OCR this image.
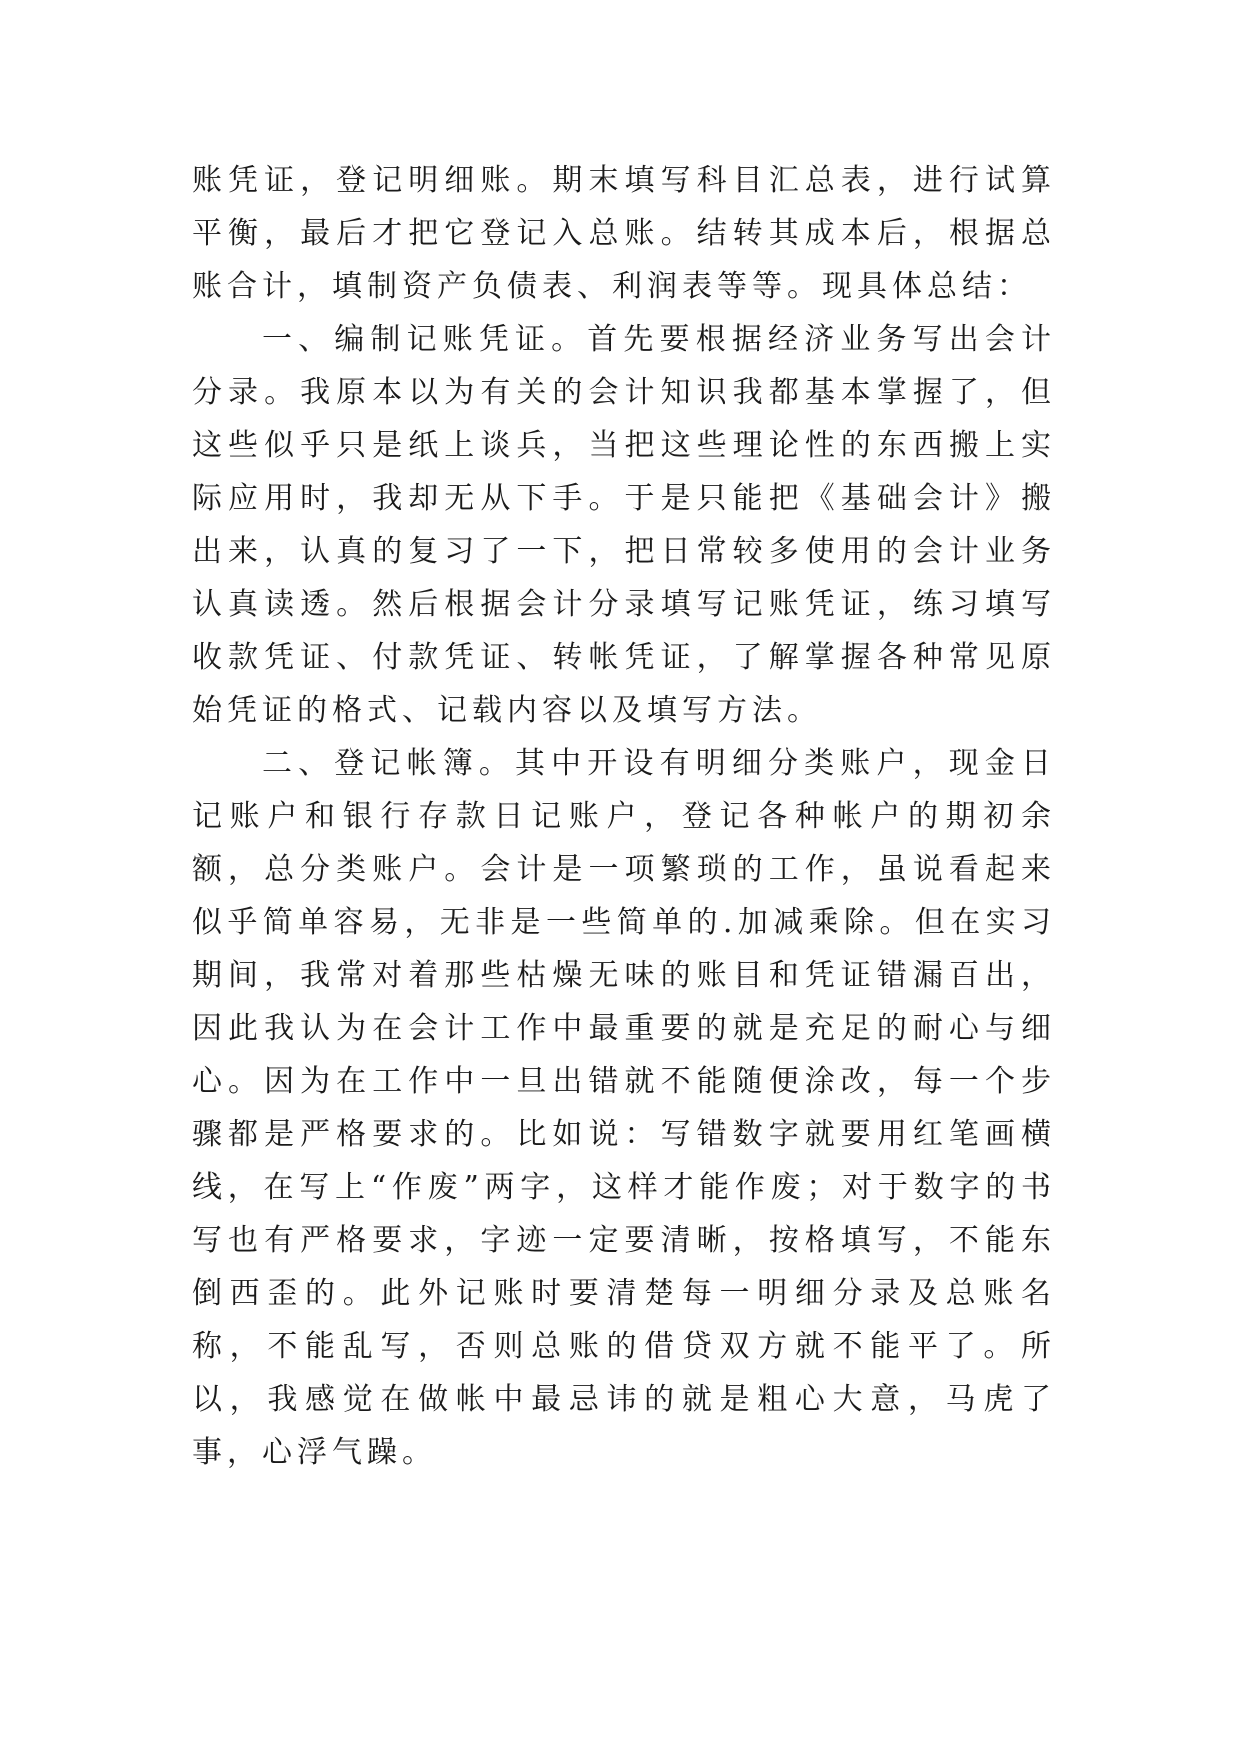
账凭证，登记明细账。期末填写科目汇总表，进行试算平衡，最后才把它登记入总账。结转其成本后，根据总账合计，填制资产负债表、利润表等等。现具体总结：

一、编制记账凭证。首先要根据经济业务写出会计分录。我原本以为有关的会计知识我都基本掌握了，但这些似乎只是纸上谈兵，当把这些理论性的东西搬上实际应用时，我却无从下手。于是只能把《基础会计》搬出来，认真的复习了一下，把日常较多使用的会计业务认真读透。然后根据会计分录填写记账凭证，练习填写收款凭证、付款凭证、转帐凭证，了解掌握各种常见原始凭证的格式、记载内容以及填写方法。

二、登记帐簿。其中开设有明细分类账户，现金日记账户和银行存款日记账户，登记各种帐户的期初余额，总分类账户。会计是一项繁琐的工作，虽说看起来似乎简单容易，无非是一些简单的.加减乘除。但在实习期间，我常对着那些枯燥无味的账目和凭证错漏百出，因此我认为在会计工作中最重要的就是充足的耐心与细心。因为在工作中一旦出错就不能随便涂改，每一个步骤都是严格要求的。比如说：写错数字就要用红笔画横线，在写上“作废”两字，这样才能作废；对于数字的书写也有严格要求，字迹一定要清晰，按格填写，不能东倒西歪的。此外记账时要清楚每一明细分录及总账名称，不能乱写，否则总账的借贷双方就不能平了。所以，我感觉在做帐中最忌讳的就是粗心大意，马虎了事，心浮气躁。
